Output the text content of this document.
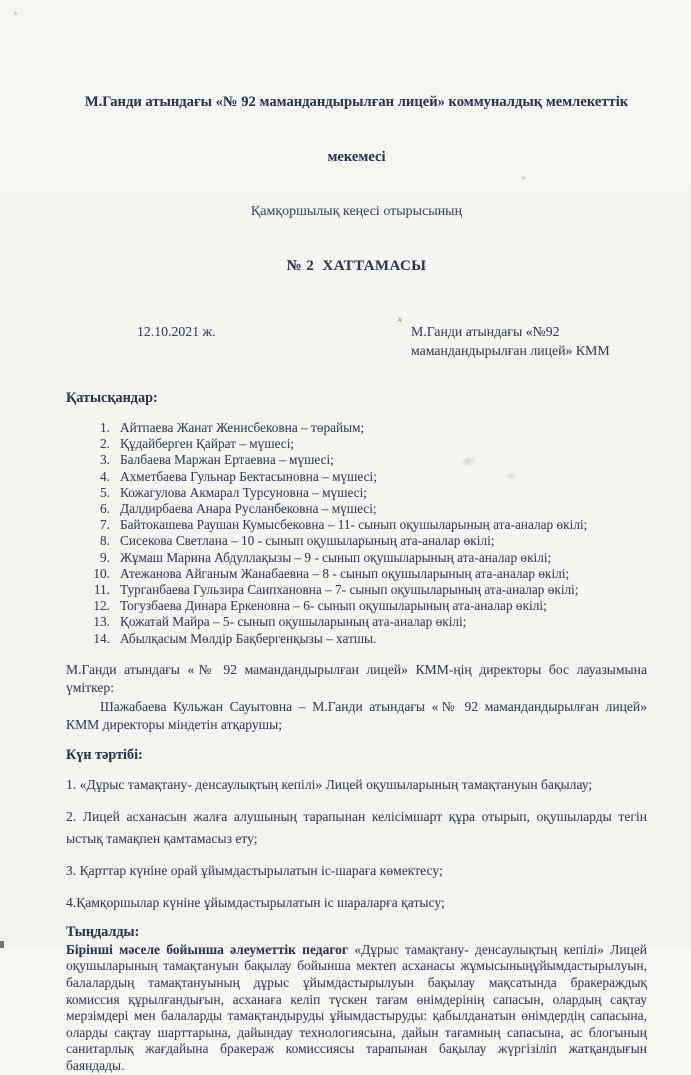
М.Ганди атындағы «№ 92 мамандандырылған лицей» коммуналдық мемлекеттік

мекемесі

Қамқоршылық кеңесі отырысының

№ 2  ХАТТАМАСЫ

12.10.2021 ж.	М.Ганди атындағы «№92
мамандандырылған лицей» КММ
Қатысқандар:
1. Айтпаева Жанат Женисбековна – төрайым;
2. Құдайберген Қайрат – мүшесі;
3. Балбаева Маржан Ертаевна – мүшесі;
4. Ахметбаева Гульнар Бектасыновна – мүшесі;
5. Кожагулова Акмарал Турсуновна – мүшесі;
6. Далдирбаева Анара Русланбековна – мүшесі;
7. Байтокашева Раушан Кумысбековна – 11- сынып оқушыларының ата-аналар өкілі;
8. Сисекова Светлана – 10 - сынып оқушыларының ата-аналар өкілі;
9. Жұмаш Марина Абдуллақызы – 9 - сынып оқушыларының ата-аналар өкілі;
10. Атежанова Айганым Жанабаевна – 8 - сынып оқушыларының ата-аналар өкілі;
11. Турганбаева Гульзира Саипхановна – 7- сынып оқушыларының ата-аналар өкілі;
12. Тогузбаева Динара Еркеновна – 6- сынып оқушыларының ата-аналар өкілі;
13. Қожатай Майра – 5- сынып оқушыларының ата-аналар өкілі;
14. Абылқасым Мөлдір Бақбергенқызы – хатшы.

М.Ганди атындағы «№ 92 мамандандырылған лицей» КММ-ңің директоры бос лауазымына үміткер:

Шажабаева Кульжан Сауытовна – М.Ганди атындағы «№ 92 мамандандырылған лицей» КММ директоры міндетін атқарушы;

Күн тәртібі:

1. «Дұрыс тамақтану- денсаулықтың кепілі» Лицей оқушыларының тамақтануын бақылау;

2. Лицей асханасын жалға алушының тарапынан келісімшарт құра отырып, оқушыларды тегін ыстық тамақпен қамтамасыз ету;

3. Қарттар күніне орай ұйымдастырылатын іс-шараға көмектесу;

4.Қамқоршылар күніне ұйымдастырылатын іс шараларға қатысу;

Тыңдалды:

Бірінші мәселе бойынша әлеуметтік педагог «Дұрыс тамақтану- денсаулықтың кепілі» Лицей оқушыларының тамақтануын бақылау бойынша мектеп асханасы жұмысыныңұйымдастырылуын, балалардың тамақтануының дұрыс ұйымдастырылуын бақылау мақсатында бракераждық комиссия құрылғандығын, асханаға келіп түскен тағам өнімдерінің сапасын, олардың сақтау мерзімдері мен балаларды тамақтандыруды ұйымдастыруды: қабылданатын өнімдердің сапасына, оларды сақтау шарттарына, дайындау технологиясына, дайын тағамның сапасына, ас блогының санитарлық жағдайына бракераж комиссиясы тарапынан бақылау жүргізіліп жатқандығын баяндады.

×
